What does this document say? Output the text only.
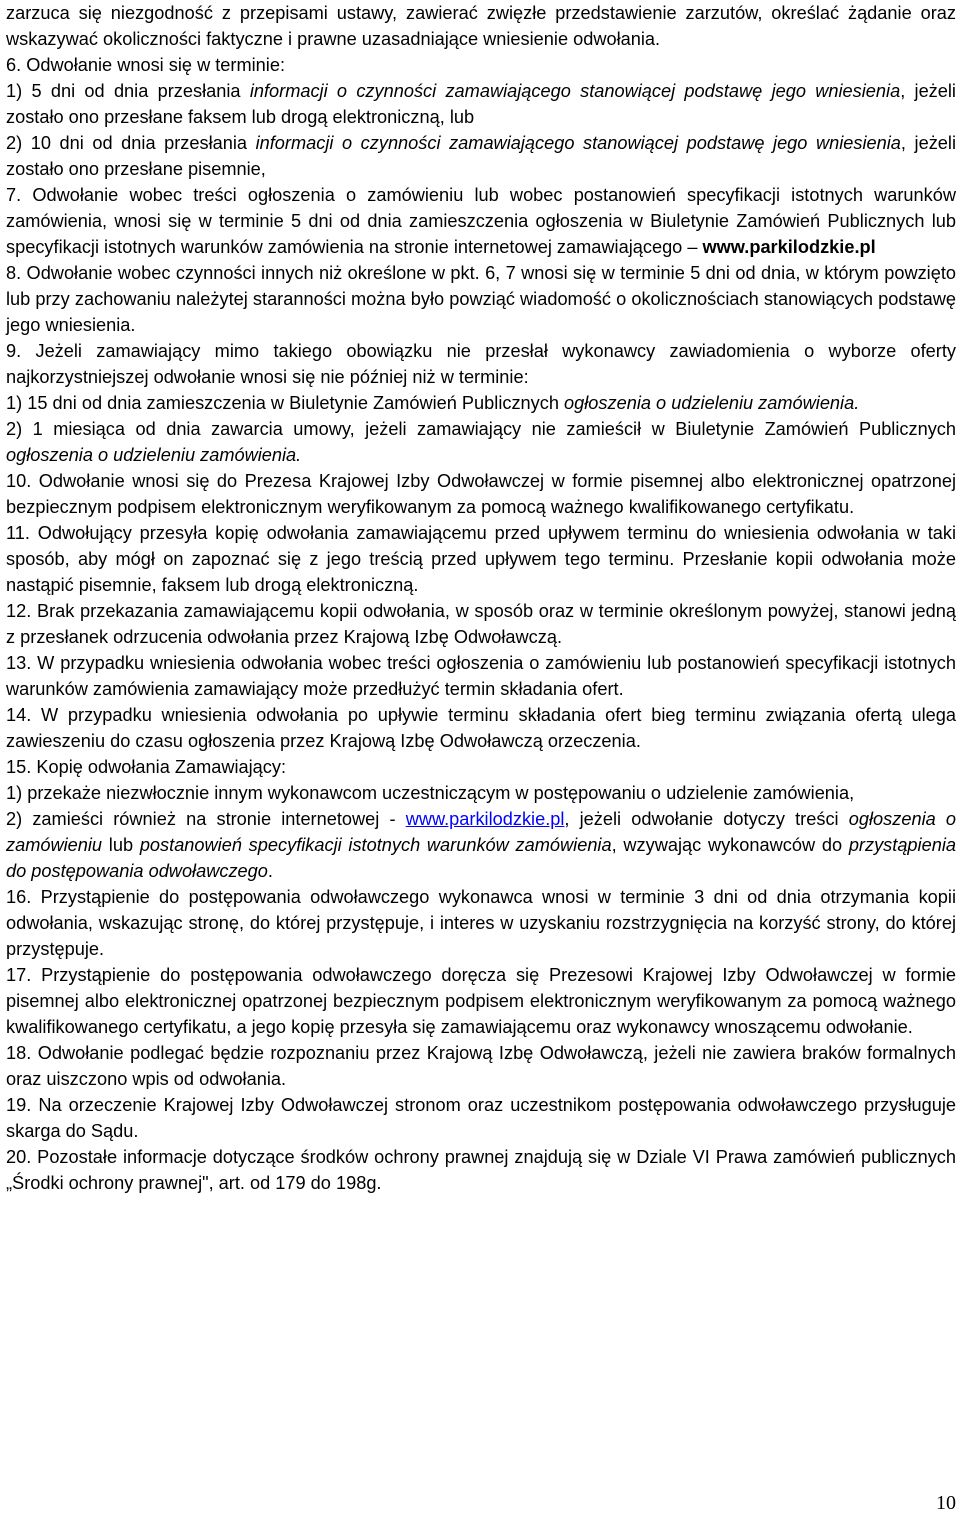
zarzuca się niezgodność z przepisami ustawy, zawierać zwięzłe przedstawienie zarzutów, określać żądanie oraz wskazywać okoliczności faktyczne i prawne uzasadniające wniesienie odwołania.

6. Odwołanie wnosi się w terminie:

1) 5 dni od dnia przesłania informacji o czynności zamawiającego stanowiącej podstawę jego wniesienia, jeżeli zostało ono przesłane faksem lub drogą elektroniczną, lub

2) 10 dni od dnia przesłania informacji o czynności zamawiającego stanowiącej podstawę jego wniesienia, jeżeli zostało ono przesłane pisemnie,

7. Odwołanie wobec treści ogłoszenia o zamówieniu lub wobec postanowień specyfikacji istotnych warunków zamówienia, wnosi się w terminie 5 dni od dnia zamieszczenia ogłoszenia w Biuletynie Zamówień Publicznych lub specyfikacji istotnych warunków zamówienia na stronie internetowej zamawiającego – www.parkilodzkie.pl

8. Odwołanie wobec czynności innych niż określone w pkt. 6, 7 wnosi się w terminie 5 dni od dnia, w którym powzięto lub przy zachowaniu należytej staranności można było powziąć wiadomość o okolicznościach stanowiących podstawę jego wniesienia.

9. Jeżeli zamawiający mimo takiego obowiązku nie przesłał wykonawcy zawiadomienia o wyborze oferty najkorzystniejszej odwołanie wnosi się nie później niż w terminie:

1) 15 dni od dnia zamieszczenia w Biuletynie Zamówień Publicznych ogłoszenia o udzieleniu zamówienia.

2) 1 miesiąca od dnia zawarcia umowy, jeżeli zamawiający nie zamieścił w Biuletynie Zamówień Publicznych ogłoszenia o udzieleniu zamówienia.

10. Odwołanie wnosi się do Prezesa Krajowej Izby Odwoławczej w formie pisemnej albo elektronicznej opatrzonej bezpiecznym podpisem elektronicznym weryfikowanym za pomocą ważnego kwalifikowanego certyfikatu.

11. Odwołujący przesyła kopię odwołania zamawiającemu przed upływem terminu do wniesienia odwołania w taki sposób, aby mógł on zapoznać się z jego treścią przed upływem tego terminu. Przesłanie kopii odwołania może nastąpić pisemnie, faksem lub drogą elektroniczną.

12. Brak przekazania zamawiającemu kopii odwołania, w sposób oraz w terminie określonym powyżej, stanowi jedną z przesłanek odrzucenia odwołania przez Krajową Izbę Odwoławczą.

13. W przypadku wniesienia odwołania wobec treści ogłoszenia o zamówieniu lub postanowień specyfikacji istotnych warunków zamówienia zamawiający może przedłużyć termin składania ofert.

14. W przypadku wniesienia odwołania po upływie terminu składania ofert bieg terminu związania ofertą ulega zawieszeniu do czasu ogłoszenia przez Krajową Izbę Odwoławczą orzeczenia.

15. Kopię odwołania Zamawiający:

1) przekaże niezwłocznie innym wykonawcom uczestniczącym w postępowaniu o udzielenie zamówienia,

2) zamieści również na stronie internetowej - www.parkilodzkie.pl, jeżeli odwołanie dotyczy treści ogłoszenia o zamówieniu lub postanowień specyfikacji istotnych warunków zamówienia, wzywając wykonawców do przystąpienia do postępowania odwoławczego.

16. Przystąpienie do postępowania odwoławczego wykonawca wnosi w terminie 3 dni od dnia otrzymania kopii odwołania, wskazując stronę, do której przystępuje, i interes w uzyskaniu rozstrzygnięcia na korzyść strony, do której przystępuje.

17. Przystąpienie do postępowania odwoławczego doręcza się Prezesowi Krajowej Izby Odwoławczej w formie pisemnej albo elektronicznej opatrzonej bezpiecznym podpisem elektronicznym weryfikowanym za pomocą ważnego kwalifikowanego certyfikatu, a jego kopię przesyła się zamawiającemu oraz wykonawcy wnoszącemu odwołanie.

18. Odwołanie podlegać będzie rozpoznaniu przez Krajową Izbę Odwoławczą, jeżeli nie zawiera braków formalnych oraz uiszczono wpis od odwołania.

19. Na orzeczenie Krajowej Izby Odwoławczej stronom oraz uczestnikom postępowania odwoławczego przysługuje skarga do Sądu.

20. Pozostałe informacje dotyczące środków ochrony prawnej znajdują się w Dziale VI Prawa zamówień publicznych „Środki ochrony prawnej", art. od 179 do 198g.

10
